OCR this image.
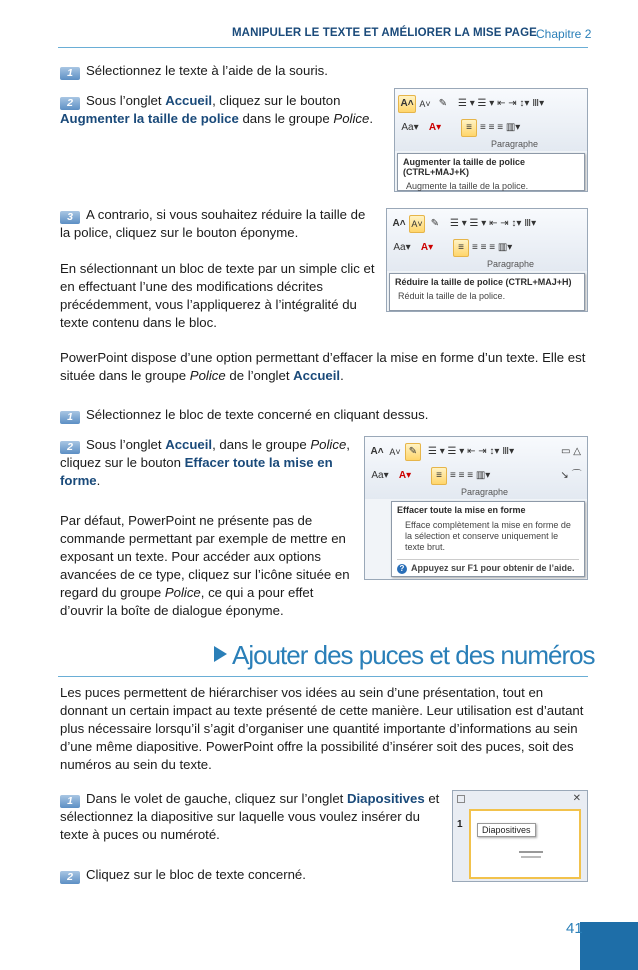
MANIPULER LE TEXTE ET AMÉLIORER LA MISE PAGE Chapitre 2
1 Sélectionnez le texte à l’aide de la souris.
2 Sous l’onglet Accueil, cliquez sur le bouton Augmenter la taille de police dans le groupe Police.
A˄ A˅ ✎
Aa▾	A▾
☰ ▾ ☰ ▾ ⇤ ⇥ ↕▾ Ⅲ▾
≡ ≡ ≡ ≡ ▥▾
Paragraphe
Augmenter la taille de police (CTRL+MAJ+K)
Augmente la taille de la police.
3 A contrario, si vous souhaitez réduire la taille de la police, cliquez sur le bouton éponyme.
En sélectionnant un bloc de texte par un simple clic et en effectuant l’une des modifications décrites précédemment, vous l’appliquerez à l’intégralité du texte contenu dans le bloc.
A˄ A˅ ✎
Aa▾	A▾
☰ ▾ ☰ ▾ ⇤ ⇥ ↕▾ Ⅲ▾
≡ ≡ ≡ ≡ ▥▾
Paragraphe
Réduire la taille de police (CTRL+MAJ+H)
Réduit la taille de la police.
PowerPoint dispose d’une option permettant d’effacer la mise en forme d’un texte. Elle est située dans le groupe Police de l’onglet Accueil.
1 Sélectionnez le bloc de texte concerné en cliquant dessus.
2 Sous l’onglet Accueil, dans le groupe Police, cliquez sur le bouton Effacer toute la mise en forme.
Par défaut, PowerPoint ne présente pas de commande permettant par exemple de mettre en exposant un texte. Pour accéder aux options avancées de ce type, cliquez sur l’icône située en regard du groupe Police, ce qui a pour effet d’ouvrir la boîte de dialogue éponyme.
A˄ A˅ ✎
Aa▾	A▾
☰ ▾ ☰ ▾ ⇤ ⇥ ↕▾ Ⅲ▾
≡ ≡ ≡ ≡ ▥▾
▭ △
↘ ⌒
Paragraphe
Effacer toute la mise en forme
Efface complètement la mise en forme de la sélection et conserve uniquement le texte brut.
? Appuyez sur F1 pour obtenir de l’aide.
Ajouter des puces et des numéros
Les puces permettent de hiérarchiser vos idées au sein d’une présentation, tout en donnant un certain impact au texte présenté de cette manière. Leur utilisation est d’autant plus nécessaire lorsqu’il s’agit d’organiser une quantité importante d’informations au sein d’une même diapositive. PowerPoint offre la possibilité d’insérer soit des puces, soit des numéros au sein du texte.
1 Dans le volet de gauche, cliquez sur l’onglet Diapositives et sélectionnez la diapositive sur laquelle vous voulez insérer du texte à puces ou numéroté.
2 Cliquez sur le bloc de texte concerné.
✕
1	Diapositives
41
